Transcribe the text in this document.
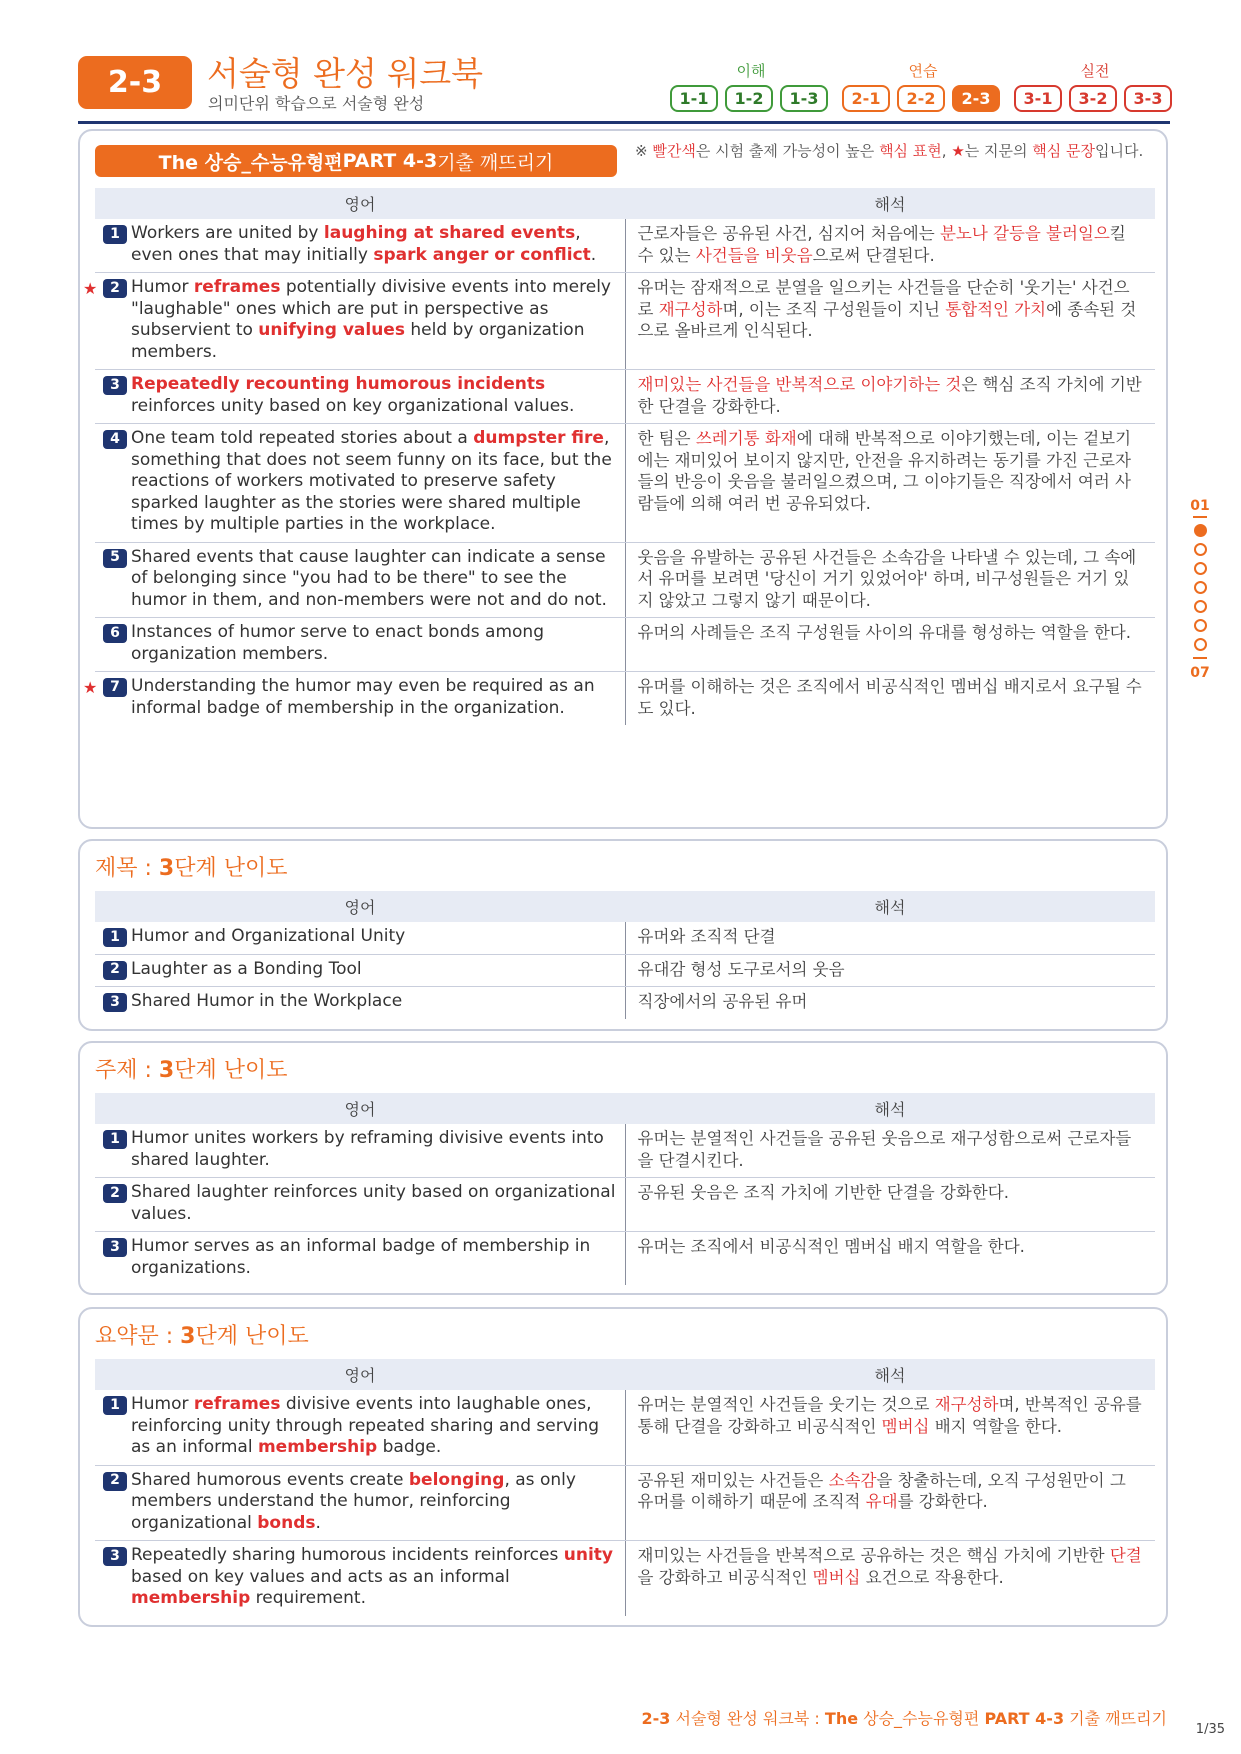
2-3	서술형 완성 워크북
의미단위 학습으로 서술형 완성
이해	연습	실전
1-1	1-2	1-3	2-1	2-2	2-3	3-1	3-2	3-3
01
07
The 상승_수능유형편 PART 4-3 기출 깨뜨리기
※ 빨간색은 시험 출제 가능성이 높은 핵심 표현, ★는 지문의 핵심 문장입니다.
영어	해석

1 Workers are united by laughing at shared events, even ones that may initially spark anger or conflict.	근로자들은 공유된 사건, 심지어 처음에는 분노나 갈등을 불러일으킬 수 있는 사건들을 비웃음으로써 단결된다.

★ 2 Humor reframes potentially divisive events into merely "laughable" ones which are put in perspective as subservient to unifying values held by organization members.	유머는 잠재적으로 분열을 일으키는 사건들을 단순히 '웃기는' 사건으로 재구성하며, 이는 조직 구성원들이 지닌 통합적인 가치에 종속된 것으로 올바르게 인식된다.

3 Repeatedly recounting humorous incidents reinforces unity based on key organizational values.	재미있는 사건들을 반복적으로 이야기하는 것은 핵심 조직 가치에 기반한 단결을 강화한다.

4 One team told repeated stories about a dumpster fire, something that does not seem funny on its face, but the reactions of workers motivated to preserve safety sparked laughter as the stories were shared multiple times by multiple parties in the workplace.	한 팀은 쓰레기통 화재에 대해 반복적으로 이야기했는데, 이는 겉보기에는 재미있어 보이지 않지만, 안전을 유지하려는 동기를 가진 근로자들의 반응이 웃음을 불러일으켰으며, 그 이야기들은 직장에서 여러 사람들에 의해 여러 번 공유되었다.

5 Shared events that cause laughter can indicate a sense of belonging since "you had to be there" to see the humor in them, and non-members were not and do not.	웃음을 유발하는 공유된 사건들은 소속감을 나타낼 수 있는데, 그 속에서 유머를 보려면 '당신이 거기 있었어야' 하며, 비구성원들은 거기 있지 않았고 그렇지 않기 때문이다.

6 Instances of humor serve to enact bonds among organization members.	유머의 사례들은 조직 구성원들 사이의 유대를 형성하는 역할을 한다.

★ 7 Understanding the humor may even be required as an informal badge of membership in the organization.	유머를 이해하는 것은 조직에서 비공식적인 멤버십 배지로서 요구될 수도 있다.
제목 : 3단계 난이도
영어	해석

1 Humor and Organizational Unity	유머와 조직적 단결

2 Laughter as a Bonding Tool	유대감 형성 도구로서의 웃음

3 Shared Humor in the Workplace	직장에서의 공유된 유머
주제 : 3단계 난이도
영어	해석

1 Humor unites workers by reframing divisive events into shared laughter.	유머는 분열적인 사건들을 공유된 웃음으로 재구성함으로써 근로자들을 단결시킨다.

2 Shared laughter reinforces unity based on organizational values.	공유된 웃음은 조직 가치에 기반한 단결을 강화한다.

3 Humor serves as an informal badge of membership in organizations.	유머는 조직에서 비공식적인 멤버십 배지 역할을 한다.
요약문 : 3단계 난이도
영어	해석

1 Humor reframes divisive events into laughable ones, reinforcing unity through repeated sharing and serving as an informal membership badge.	유머는 분열적인 사건들을 웃기는 것으로 재구성하며, 반복적인 공유를 통해 단결을 강화하고 비공식적인 멤버십 배지 역할을 한다.

2 Shared humorous events create belonging, as only members understand the humor, reinforcing organizational bonds.	공유된 재미있는 사건들은 소속감을 창출하는데, 오직 구성원만이 그 유머를 이해하기 때문에 조직적 유대를 강화한다.

3 Repeatedly sharing humorous incidents reinforces unity based on key values and acts as an informal membership requirement.	재미있는 사건들을 반복적으로 공유하는 것은 핵심 가치에 기반한 단결을 강화하고 비공식적인 멤버십 요건으로 작용한다.
2-3 서술형 완성 워크북 : The 상승_수능유형편 PART 4-3 기출 깨뜨리기
1/35
